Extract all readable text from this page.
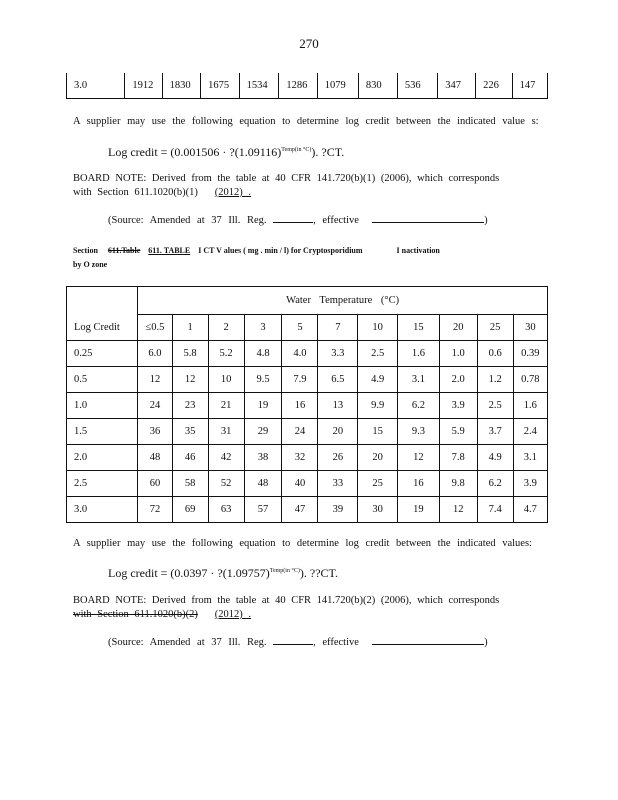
270
3.0	1912	1830	1675	1534	1286	1079	830	536	347	226	147
A supplier may use the following equation to determine log credit between the indicated value s:
Log credit = $(0.001506 \cdot ?(1.09116)^{Temp(in ^\circ C)})$. ?CT.
BOARD NOTE: Derived from the table at 40 CFR 141.720(b)(1) (2006), which corresponds
with Section 611.1020(b)(1) (2012) .
(Source: Amended at 37 Ill. Reg.	, effective	)
Section 611.Table 611. TABLE I CT V alues ( mg . min / l) for Cryptosporidium	I nactivation
by O zone
	Water Temperature (°C)										
Log Credit	≤0.5	1	2	3	5	7	10	15	20	25	30
0.25	6.0	5.8	5.2	4.8	4.0	3.3	2.5	1.6	1.0	0.6	0.39
0.5	12	12	10	9.5	7.9	6.5	4.9	3.1	2.0	1.2	0.78
1.0	24	23	21	19	16	13	9.9	6.2	3.9	2.5	1.6
1.5	36	35	31	29	24	20	15	9.3	5.9	3.7	2.4
2.0	48	46	42	38	32	26	20	12	7.8	4.9	3.1
2.5	60	58	52	48	40	33	25	16	9.8	6.2	3.9
3.0	72	69	63	57	47	39	30	19	12	7.4	4.7
A supplier may use the following equation to determine log credit between the indicated values:
Log credit = $(0.0397 \cdot ?(1.09757)^{Temp(in ^\circ C)})$. ??CT.
BOARD NOTE: Derived from the table at 40 CFR 141.720(b)(2) (2006), which corresponds
with Section 611.1020(b)(2) (2012) .
(Source: Amended at 37 Ill. Reg.	, effective	)
